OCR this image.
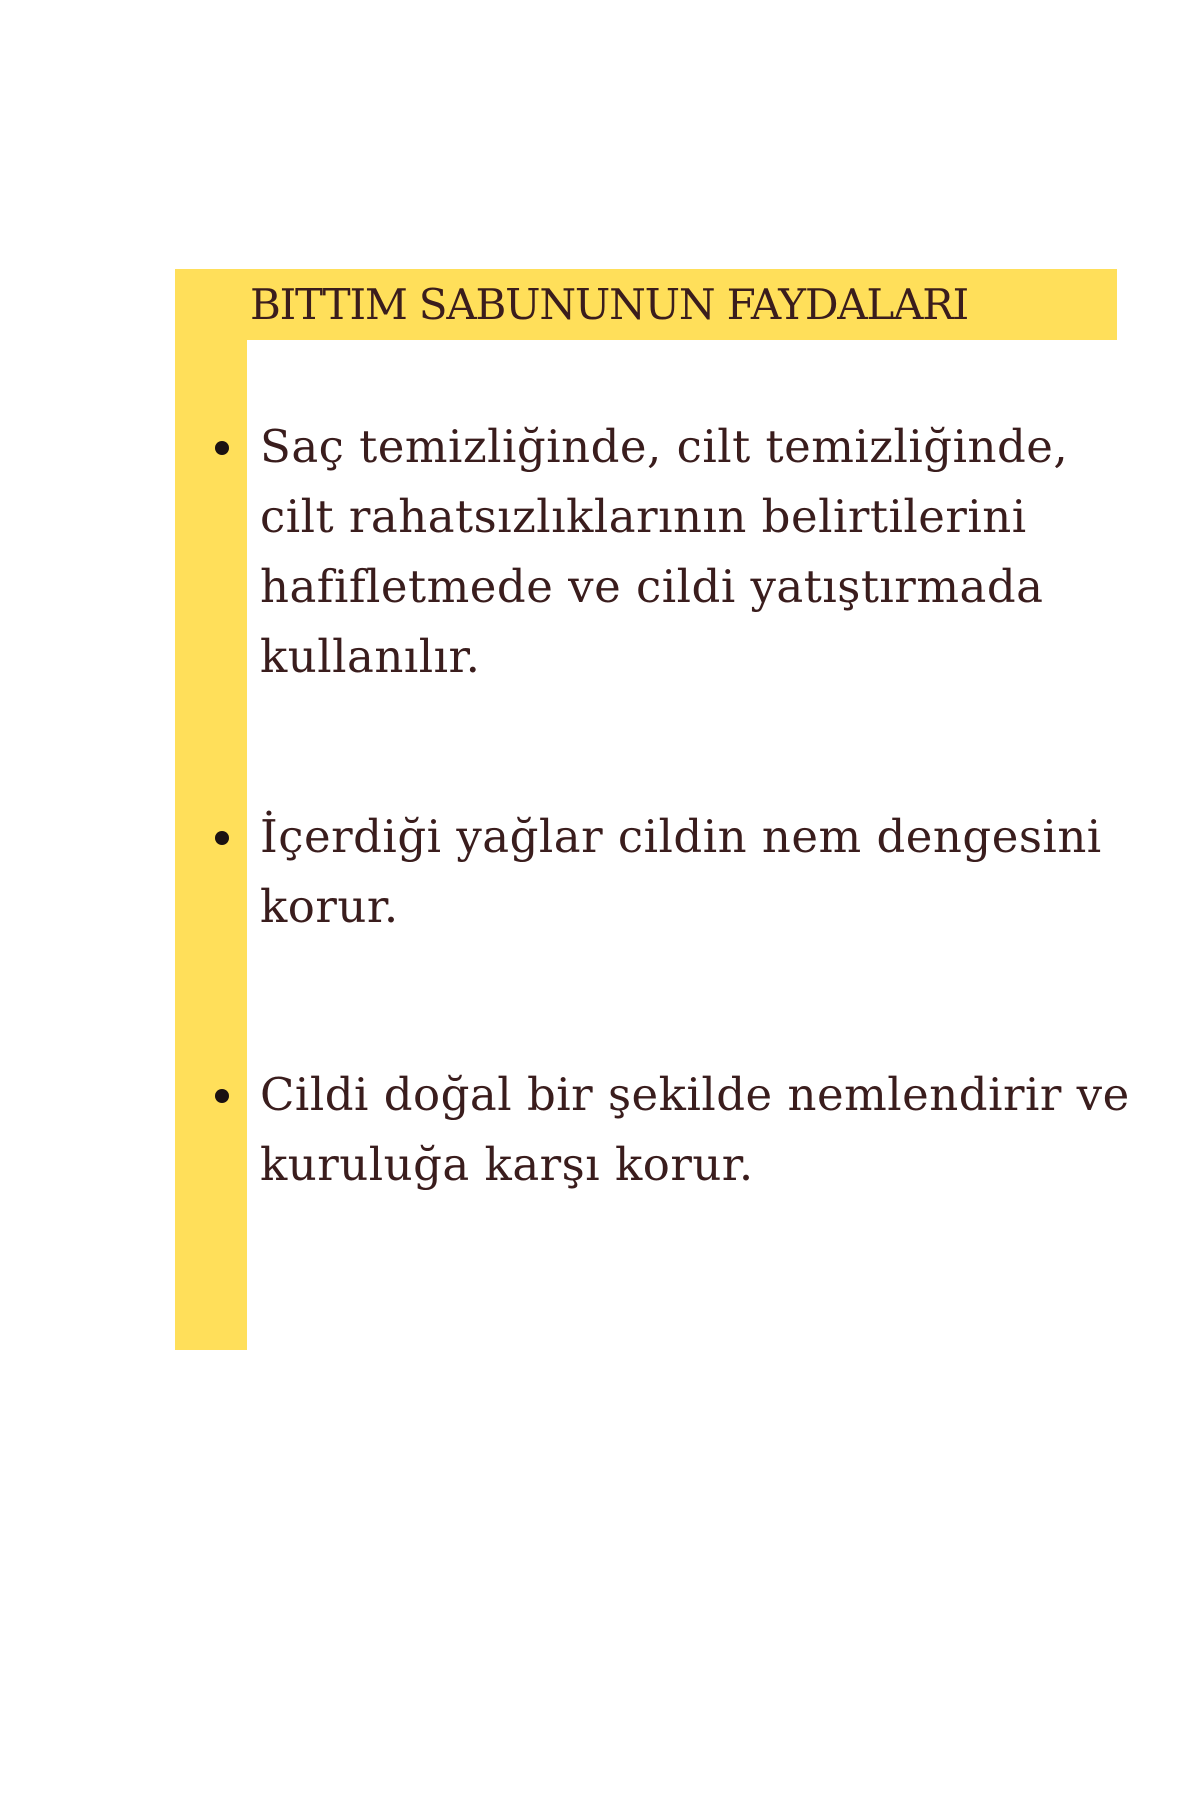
BITTIM SABUNUNUN FAYDALARI

Saç temizliğinde, cilt temizliğinde, cilt rahatsızlıklarının belirtilerini hafifletmede ve cildi yatıştırmada kullanılır.

İçerdiği yağlar cildin nem dengesini korur.

Cildi doğal bir şekilde nemlendirir ve kuruluğa karşı korur.
